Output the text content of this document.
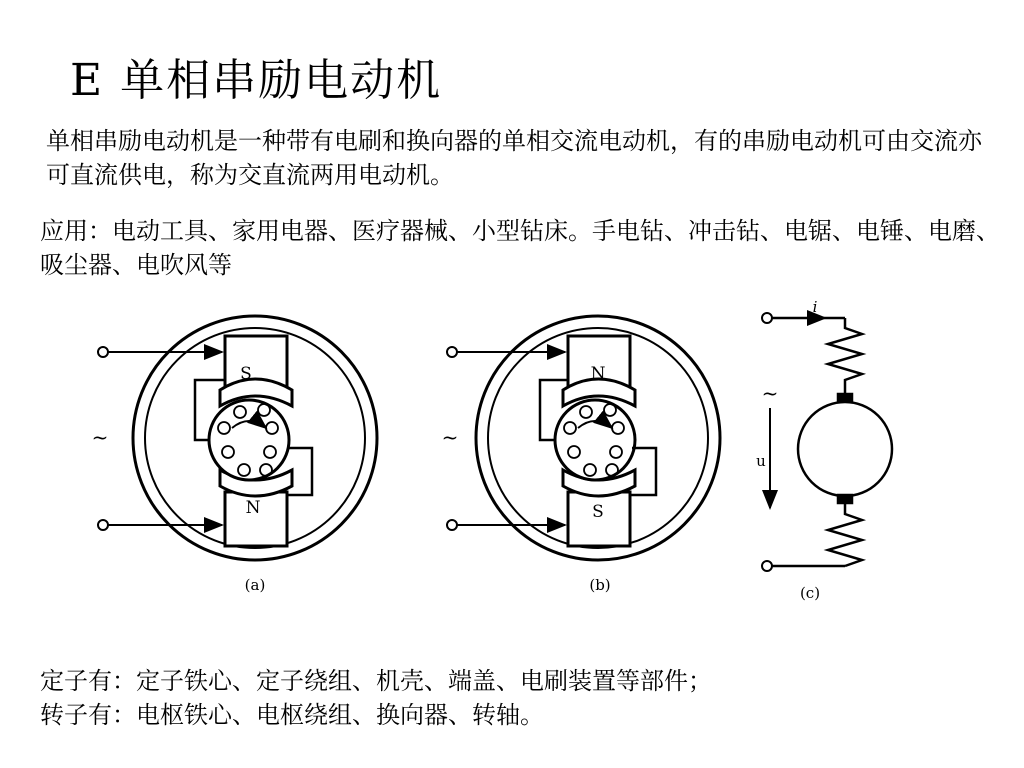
E 单相串励电动机
单相串励电动机是一种带有电刷和换向器的单相交流电动机，有的串励电动机可由交流亦可直流供电，称为交直流两用电动机。
应用：电动工具、家用电器、医疗器械、小型钻床。手电钻、冲击钻、电锯、电锤、电磨、吸尘器、电吹风等
定子有：定子铁心、定子绕组、机壳、端盖、电刷装置等部件；
转子有：电枢铁心、电枢绕组、换向器、转轴。
S
N
~
(a)
N
S
~
(b)
i
~
u
(c)
